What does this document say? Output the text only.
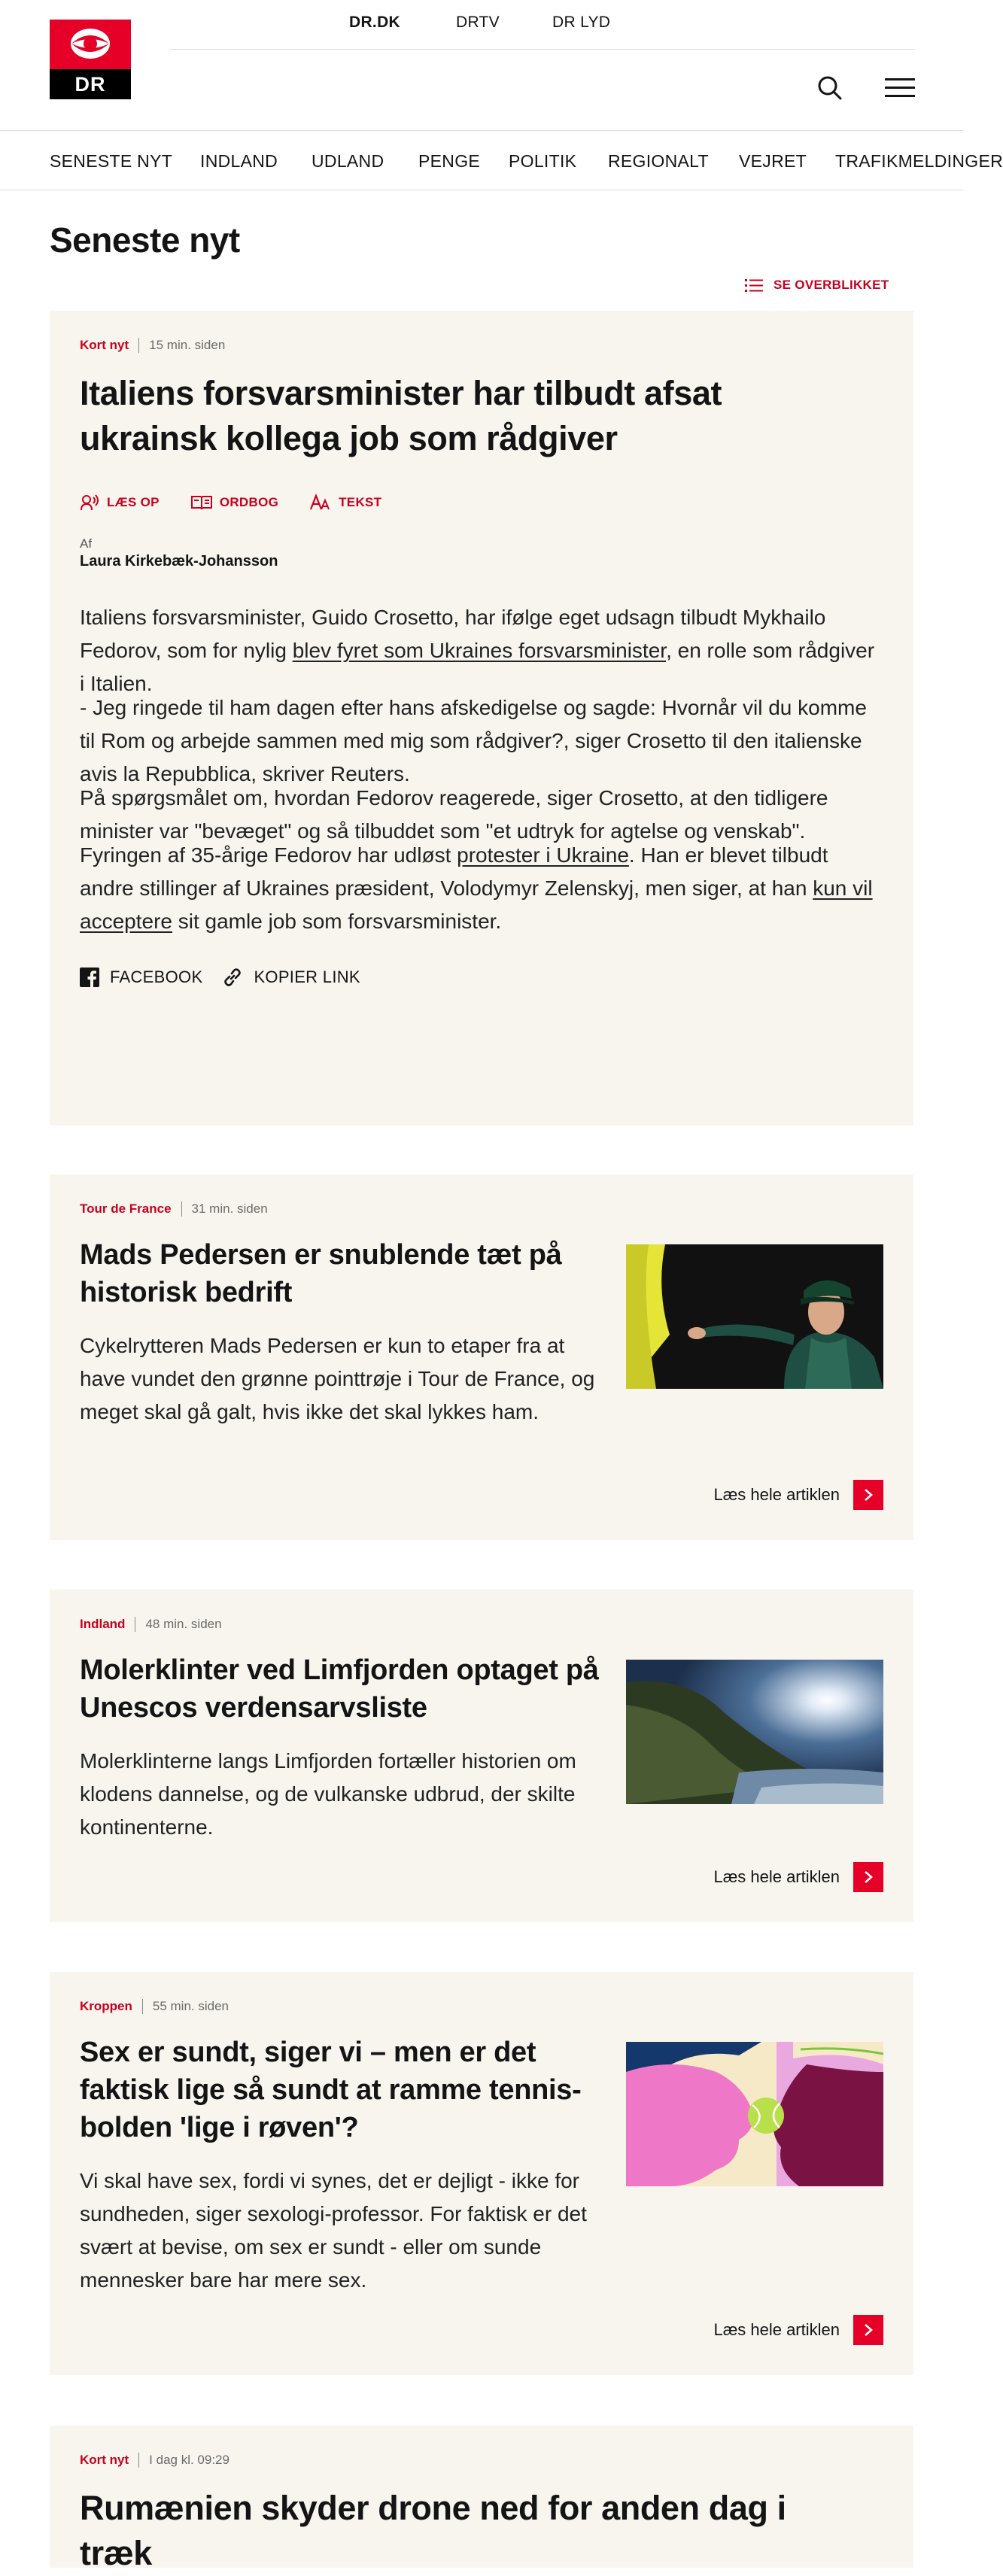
DR
DR.DK	DRTV	DR LYD
SENESTE NYT INDLAND UDLAND PENGE POLITIK REGIONALT VEJRET TRAFIKMELDINGER
Seneste nyt
SE OVERBLIKKET
Kort nyt 15 min. siden
Italiens forsvarsminister har tilbudt afsat ukrainsk kollega job som rådgiver
LÆS OP	ORDBOG	TEKST
Af
Laura Kirkebæk-Johansson

Italiens forsvarsminister, Guido Crosetto, har ifølge eget udsagn tilbudt Mykhailo Fedorov, som for nylig blev fyret som Ukraines forsvarsminister, en rolle som rådgiver i Italien.

- Jeg ringede til ham dagen efter hans afskedigelse og sagde: Hvornår vil du komme til Rom og arbejde sammen med mig som rådgiver?, siger Crosetto til den italienske avis la Repubblica, skriver Reuters.

På spørgsmålet om, hvordan Fedorov reagerede, siger Crosetto, at den tidligere minister var "bevæget" og så tilbuddet som "et udtryk for agtelse og venskab".

Fyringen af 35-årige Fedorov har udløst protester i Ukraine. Han er blevet tilbudt andre stillinger af Ukraines præsident, Volodymyr Zelenskyj, men siger, at han kun vil acceptere sit gamle job som forsvarsminister.

FACEBOOK	KOPIER LINK
Tour de France 31 min. siden
Mads Pedersen er snublende tæt på historisk bedrift

Cykelrytteren Mads Pedersen er kun to etaper fra at have vundet den grønne pointtrøje i Tour de France, og meget skal gå galt, hvis ikke det skal lykkes ham.

Læs hele artiklen
Indland 48 min. siden
Molerklinter ved Limfjorden optaget på Unescos verdensarvsliste

Molerklinterne langs Limfjorden fortæller historien om klodens dannelse, og de vulkanske udbrud, der skilte kontinenterne.

Læs hele artiklen
Kroppen 55 min. siden
Sex er sundt, siger vi – men er det faktisk lige så sundt at ramme tennis-bolden 'lige i røven'?

Vi skal have sex, fordi vi synes, det er dejligt - ikke for sundheden, siger sexologi-professor. For faktisk er det svært at bevise, om sex er sundt - eller om sunde mennesker bare har mere sex.

Læs hele artiklen
Kort nyt I dag kl. 09:29
Rumænien skyder drone ned for anden dag i træk
